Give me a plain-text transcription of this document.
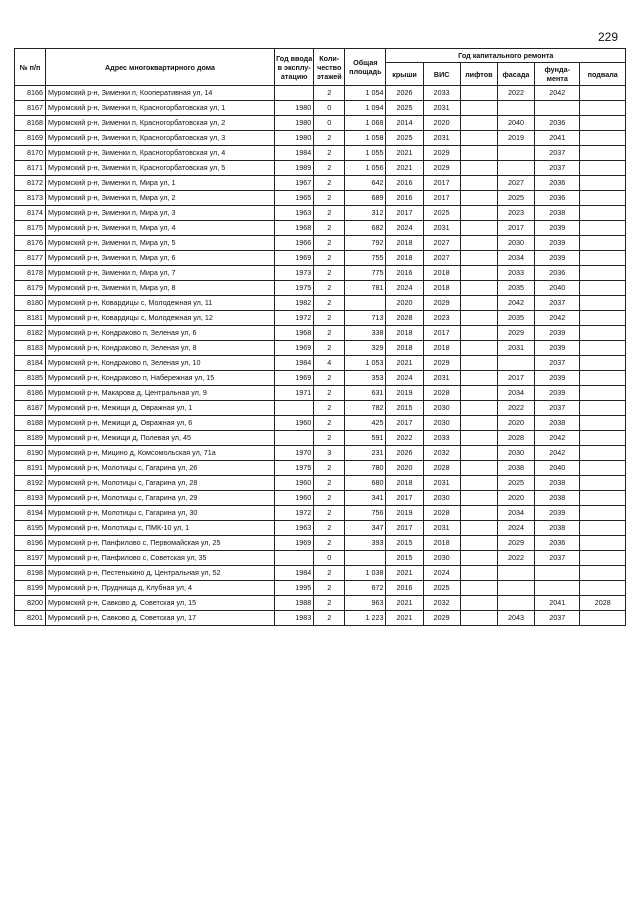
229
№ п/п	Адрес многоквартирного дома	Год ввода в эксплу-атацию	Коли-чество этажей	Общая площадь	Год капитального ремонта					
					крыши	ВИС	лифтов	фасада	фунда-мента	подвала
8166	Муромский р-н, Зименки п, Кооперативная ул, 14		2	1 054	2026	2033		2022	2042	
8167	Муромский р-н, Зименки п, Красногорбатовская ул, 1	1980	0	1 094	2025	2031				
8168	Муромский р-н, Зименки п, Красногорбатовская ул, 2	1980	0	1 068	2014	2020		2040	2036	
8169	Муромский р-н, Зименки п, Красногорбатовская ул, 3	1980	2	1 058	2025	2031		2019	2041	
8170	Муромский р-н, Зименки п, Красногорбатовская ул, 4	1984	2	1 055	2021	2029			2037	
8171	Муромский р-н, Зименки п, Красногорбатовская ул, 5	1989	2	1 056	2021	2029			2037	
8172	Муромский р-н, Зименки п, Мира ул, 1	1967	2	642	2016	2017		2027	2036	
8173	Муромский р-н, Зименки п, Мира ул, 2	1965	2	689	2016	2017		2025	2036	
8174	Муромский р-н, Зименки п, Мира ул, 3	1963	2	312	2017	2025		2023	2038	
8175	Муромский р-н, Зименки п, Мира ул, 4	1968	2	682	2024	2031		2017	2039	
8176	Муромский р-н, Зименки п, Мира ул, 5	1966	2	792	2018	2027		2030	2039	
8177	Муромский р-н, Зименки п, Мира ул, 6	1969	2	755	2018	2027		2034	2039	
8178	Муромский р-н, Зименки п, Мира ул, 7	1973	2	775	2016	2018		2033	2036	
8179	Муромский р-н, Зименки п, Мира ул, 8	1975	2	781	2024	2018		2035	2040	
8180	Муромский р-н, Ковардицы с, Молодежная ул, 11	1982	2		2020	2029		2042	2037	
8181	Муромский р-н, Ковардицы с, Молодежная ул, 12	1972	2	713	2028	2023		2035	2042	
8182	Муромский р-н, Кондраково п, Зеленая ул, 6	1968	2	338	2018	2017		2029	2039	
8183	Муромский р-н, Кондраково п, Зеленая ул, 8	1969	2	329	2018	2018		2031	2039	
8184	Муромский р-н, Кондраково п, Зеленая ул, 10	1984	4	1 053	2021	2029			2037	
8185	Муромский р-н, Кондраково п, Набережная ул, 15	1969	2	353	2024	2031		2017	2039	
8186	Муромский р-н, Макарова д, Центральная ул, 9	1971	2	631	2019	2028		2034	2039	
8187	Муромский р-н, Межищи д, Овражная ул, 1		2	782	2015	2030		2022	2037	
8188	Муромский р-н, Межищи д, Овражная ул, 6	1960	2	425	2017	2030		2020	2038	
8189	Муромский р-н, Межищи д, Полевая ул, 45		2	591	2022	2033		2028	2042	
8190	Муромский р-н, Мицино д, Комсомольская ул, 71а	1970	3	231	2026	2032		2030	2042	
8191	Муромский р-н, Молотицы с, Гагарина ул, 26	1975	2	780	2020	2028		2038	2040	
8192	Муромский р-н, Молотицы с, Гагарина ул, 28	1960	2	680	2018	2031		2025	2038	
8193	Муромский р-н, Молотицы с, Гагарина ул, 29	1960	2	341	2017	2030		2020	2038	
8194	Муромский р-н, Молотицы с, Гагарина ул, 30	1972	2	756	2019	2028		2034	2039	
8195	Муромский р-н, Молотицы с, ПМК-10 ул, 1	1963	2	347	2017	2031		2024	2038	
8196	Муромский р-н, Панфилово с, Первомайская ул, 25	1969	2	393	2015	2018		2029	2036	
8197	Муромский р-н, Панфилово с, Советская ул, 35		0		2015	2030		2022	2037	
8198	Муромский р-н, Пестенькино д, Центральная ул, 52	1984	2	1 038	2021	2024				
8199	Муромский р-н, Пруднища д, Клубная ул, 4	1995	2	672	2016	2025				
8200	Муромский р-н, Савково д, Советская ул, 15	1988	2	963	2021	2032			2041	2028
8201	Муромский р-н, Савково д, Советская ул, 17	1983	2	1 223	2021	2029		2043	2037	
